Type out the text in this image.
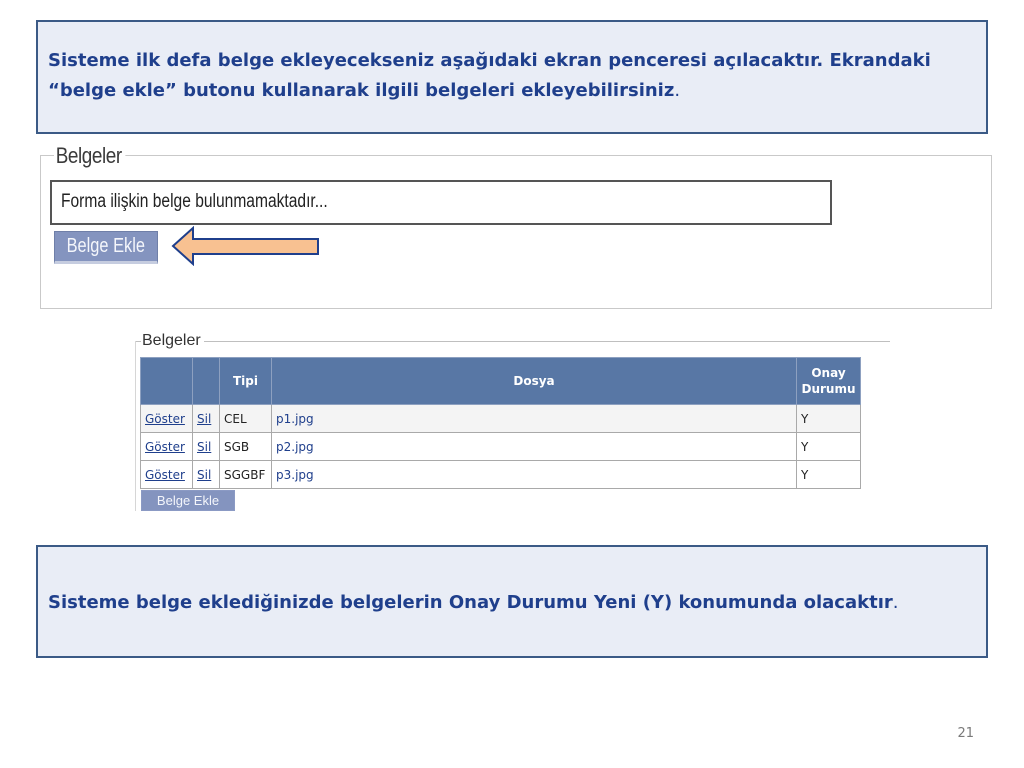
Sisteme ilk defa belge ekleyecekseniz aşağıdaki ekran penceresi açılacaktır. Ekrandaki “belge ekle” butonu kullanarak ilgili belgeleri ekleyebilirsiniz.
Belgeler
Forma ilişkin belge bulunmamaktadır...
Belge Ekle
Belgeler
		Tipi	Dosya	Onay
Durumu
Göster	Sil	CEL	p1.jpg	Y
Göster	Sil	SGB	p2.jpg	Y
Göster	Sil	SGGBF	p3.jpg	Y
Belge Ekle
Sisteme belge eklediğinizde belgelerin Onay Durumu Yeni (Y) konumunda olacaktır.
21
